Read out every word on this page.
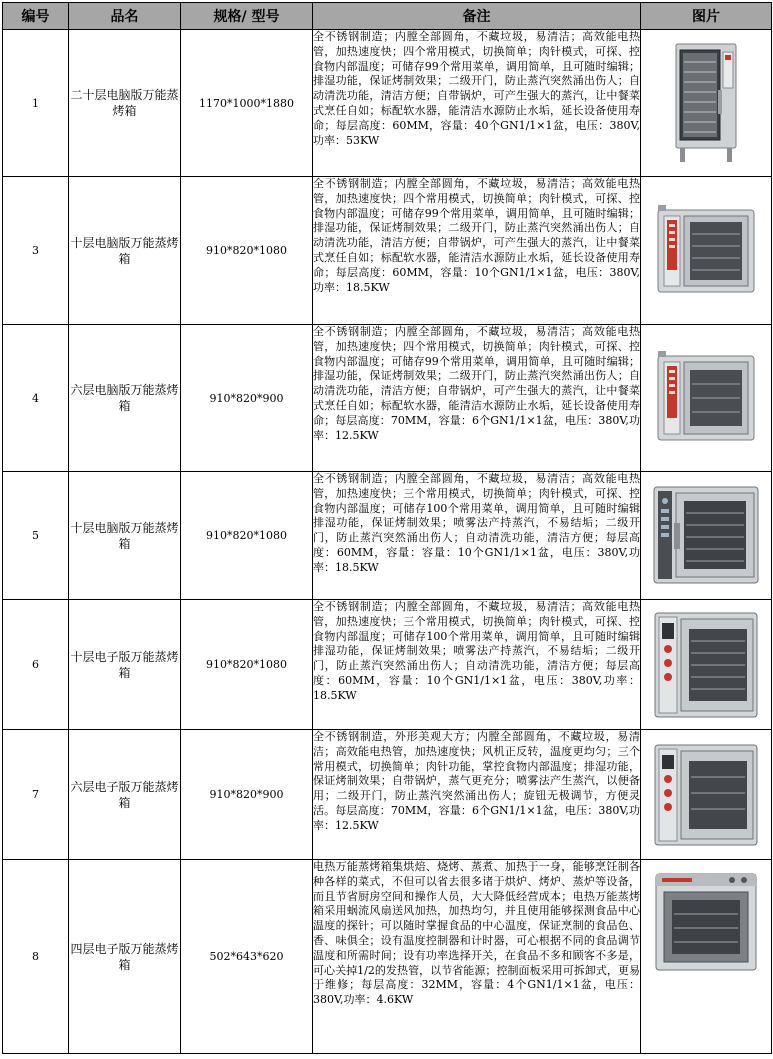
编号	品名	规格/ 型号	备注	图片
1	二十层电脑版万能蒸烤箱	1170*1000*1880	全不锈钢制造；内膛全部圆角，不藏垃圾，易清洁；高效能电热管，加热速度快；四个常用模式，切换简单；肉针模式，可探、控食物内部温度；可储存99个常用菜单，调用简单，且可随时编辑；排湿功能，保证烤制效果；二级开门，防止蒸汽突然涌出伤人；自动清洗功能，清洁方便；自带锅炉，可产生强大的蒸汽，让中餐菜式烹任自如；标配软水器，能清洁水源防止水垢，延长设备使用寿命；每层高度：60MM，容量：40个GN1/1×1盆，电压：380V,功率：53KW	
3	十层电脑版万能蒸烤箱	910*820*1080	全不锈钢制造；内膛全部圆角，不藏垃圾，易清洁；高效能电热管，加热速度快；四个常用模式，切换简单；肉针模式，可探、控食物内部温度；可储存99个常用菜单，调用简单，且可随时编辑；排湿功能，保证烤制效果；二级开门，防止蒸汽突然涌出伤人；自动清洗功能，清洁方便；自带锅炉，可产生强大的蒸汽，让中餐菜式烹任自如；标配软水器，能清洁水源防止水垢，延长设备使用寿命；每层高度：60MM，容量：10个GN1/1×1盆，电压：380V,功率：18.5KW	
4	六层电脑版万能蒸烤箱	910*820*900	全不锈钢制造；内膛全部圆角，不藏垃圾，易清洁；高效能电热管，加热速度快；四个常用模式，切换简单；肉针模式，可探、控食物内部温度；可储存99个常用菜单，调用简单，且可随时编辑；排湿功能，保证烤制效果；二级开门，防止蒸汽突然涌出伤人；自动清洗功能，清洁方便；自带锅炉，可产生强大的蒸汽，让中餐菜式烹任自如；标配软水器，能清洁水源防止水垢，延长设备使用寿命；每层高度：70MM，容量：6个GN1/1×1盆，电压：380V,功率：12.5KW	
5	十层电脑版万能蒸烤箱	910*820*1080	全不锈钢制造；内膛全部圆角，不藏垃圾，易清洁；高效能电热管，加热速度快；三个常用模式，切换简单；肉针模式，可探、控食物内部温度；可储存100个常用菜单，调用简单，且可随时编辑排湿功能，保证烤制效果；喷雾法产持蒸汽，不易结垢；二级开门，防止蒸汽突然涌出伤人；自动清洗功能，清洁方便；每层高度：60MM，容量：容量：10个GN1/1×1盆，电压：380V,功率：18.5KW	
6	十层电子版万能蒸烤箱	910*820*1080	全不锈钢制造；内膛全部圆角，不藏垃圾，易清洁；高效能电热管，加热速度快；三个常用模式，切换简单；肉针模式，可探、控食物内部温度；可储存100个常用菜单，调用简单，且可随时编辑排湿功能，保证烤制效果；喷雾法产持蒸汽，不易结垢；二级开门，防止蒸汽突然涌出伤人；自动清洗功能，清洁方便；每层高度：60MM，容量：10个GN1/1×1盆，电压：380V,功率：18.5KW	
7	六层电子版万能蒸烤箱	910*820*900	全不锈钢制造，外形美观大方；内膛全部圆角，不藏垃圾，易清洁；高效能电热管，加热速度快；风机正反转，温度更均匀；三个常用模式，切换简单；肉针功能，掌控食物内部温度；排湿功能，保证烤制效果；自带锅炉，蒸气更充分；喷雾法产生蒸汽，以便备用；二级开门，防止蒸汽突然涌出伤人；旋钮无极调节，方便灵活。每层高度：70MM，容量：6个GN1/1×1盆，电压：380V,功率：12.5KW	
8	四层电子版万能蒸烤箱	502*643*620	电热万能蒸烤箱集烘焙、烧烤、蒸煮、加热于一身，能够烹饪制各种各样的菜式，不但可以省去很多诸于烘炉、烤炉、蒸炉等设备，而且节省厨房空间和操作人员，大大降低经营成本；电热万能蒸烤箱采用蜗流风扇送风加热，加热均匀，并且使用能够探测食品中心温度的探针；可以随时掌握食品的中心温度，保证烹制的食品色、香、味俱全；设有温度控制器和计时器，可心根据不同的食品调节温度和所需时间；设有功率选择开关，在食品不多和顾客不多是，可心关掉1/2的发热管，以节省能源；控制面板采用可拆卸式，更易于维修；每层高度：32MM，容量：4个GN1/1×1盆，电压：380V,功率：4.6KW	
